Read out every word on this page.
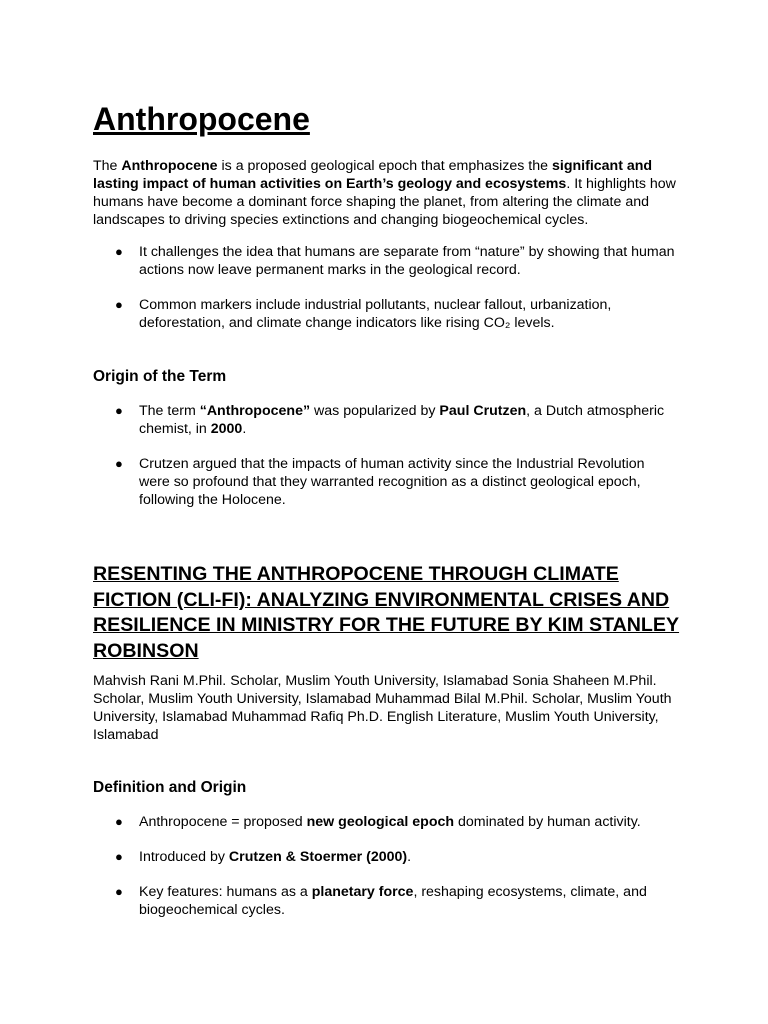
Anthropocene

The Anthropocene is a proposed geological epoch that emphasizes the significant and lasting impact of human activities on Earth’s geology and ecosystems. It highlights how humans have become a dominant force shaping the planet, from altering the climate and landscapes to driving species extinctions and changing biogeochemical cycles.

● It challenges the idea that humans are separate from “nature” by showing that human actions now leave permanent marks in the geological record.
● Common markers include industrial pollutants, nuclear fallout, urbanization, deforestation, and climate change indicators like rising CO₂ levels.
Origin of the Term
● The term “Anthropocene” was popularized by Paul Crutzen, a Dutch atmospheric chemist, in 2000.
● Crutzen argued that the impacts of human activity since the Industrial Revolution were so profound that they warranted recognition as a distinct geological epoch, following the Holocene.
RESENTING THE ANTHROPOCENE THROUGH CLIMATE FICTION (CLI-FI): ANALYZING ENVIRONMENTAL CRISES AND RESILIENCE IN MINISTRY FOR THE FUTURE BY KIM STANLEY ROBINSON

Mahvish Rani M.Phil. Scholar, Muslim Youth University, Islamabad Sonia Shaheen M.Phil. Scholar, Muslim Youth University, Islamabad Muhammad Bilal M.Phil. Scholar, Muslim Youth University, Islamabad Muhammad Rafiq Ph.D. English Literature, Muslim Youth University, Islamabad

Definition and Origin
● Anthropocene = proposed new geological epoch dominated by human activity.
● Introduced by Crutzen & Stoermer (2000).
● Key features: humans as a planetary force, reshaping ecosystems, climate, and biogeochemical cycles.
